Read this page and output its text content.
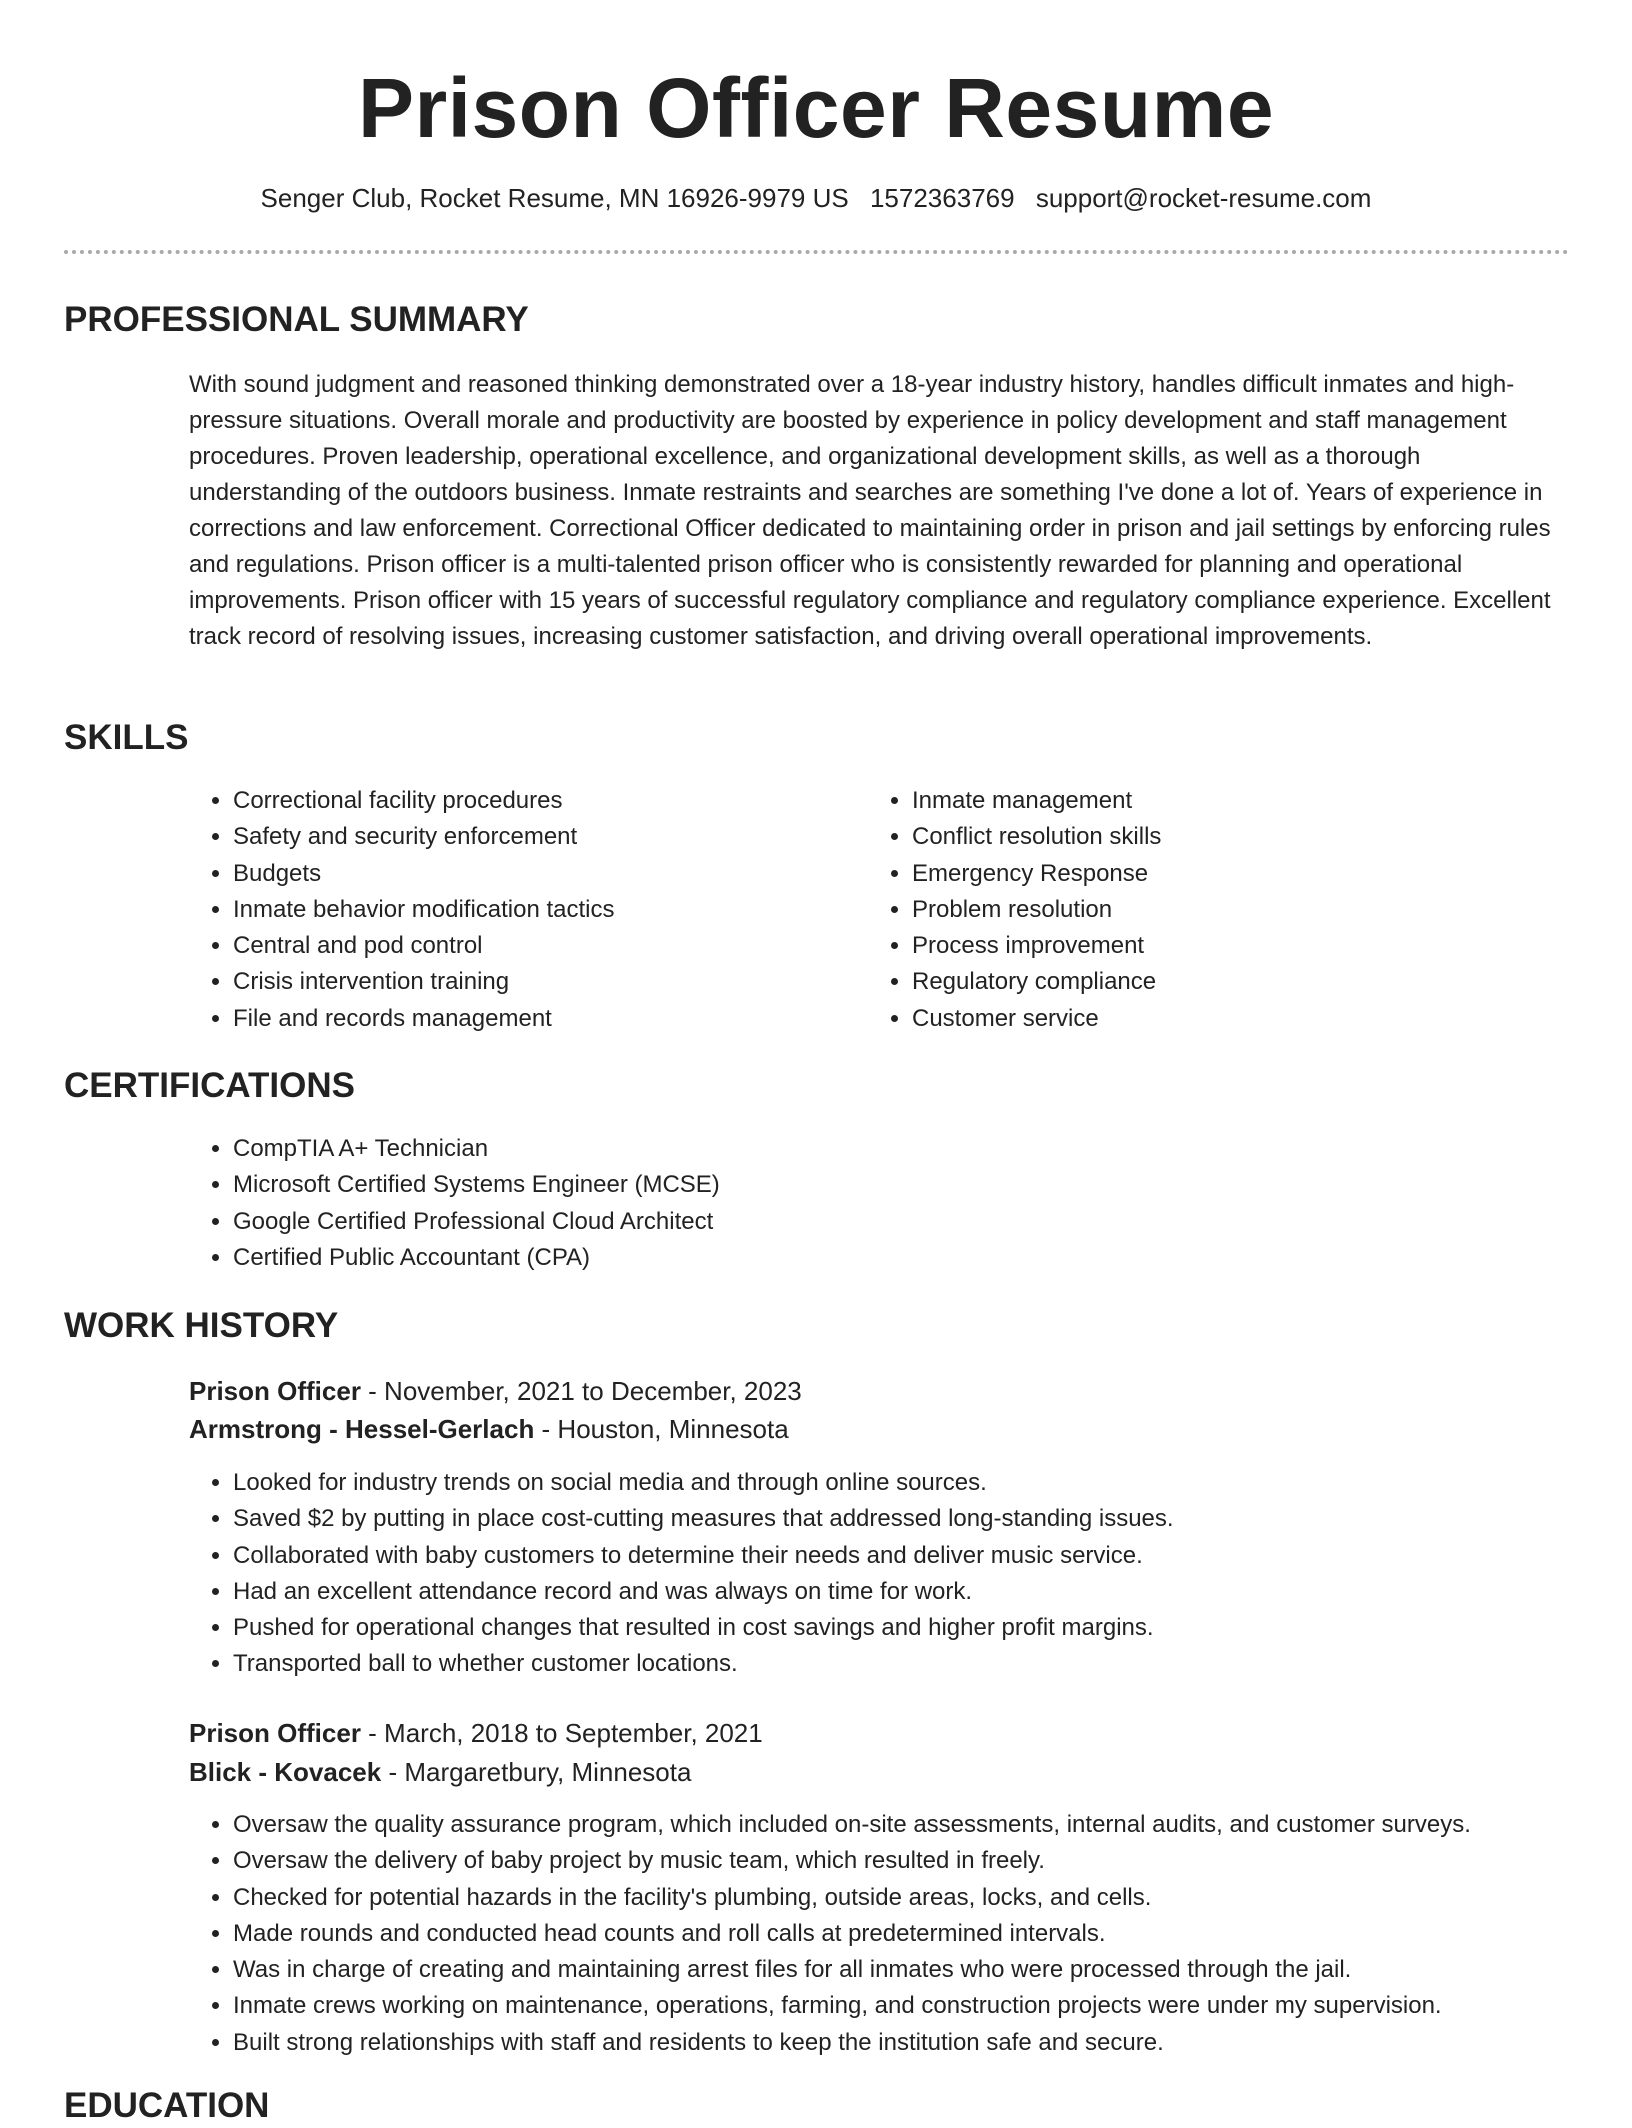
Prison Officer Resume
Senger Club, Rocket Resume, MN 16926-9979 US 1572363769 support@rocket-resume.com
PROFESSIONAL SUMMARY

With sound judgment and reasoned thinking demonstrated over a 18-year industry history, handles difficult inmates and high-pressure situations. Overall morale and productivity are boosted by experience in policy development and staff management procedures. Proven leadership, operational excellence, and organizational development skills, as well as a thorough understanding of the outdoors business. Inmate restraints and searches are something I've done a lot of. Years of experience in corrections and law enforcement. Correctional Officer dedicated to maintaining order in prison and jail settings by enforcing rules and regulations. Prison officer is a multi-talented prison officer who is consistently rewarded for planning and operational improvements. Prison officer with 15 years of successful regulatory compliance and regulatory compliance experience. Excellent track record of resolving issues, increasing customer satisfaction, and driving overall operational improvements.

SKILLS
• Correctional facility procedures
• Safety and security enforcement
• Budgets
• Inmate behavior modification tactics
• Central and pod control
• Crisis intervention training
• File and records management
• Inmate management
• Conflict resolution skills
• Emergency Response
• Problem resolution
• Process improvement
• Regulatory compliance
• Customer service
CERTIFICATIONS
• CompTIA A+ Technician
• Microsoft Certified Systems Engineer (MCSE)
• Google Certified Professional Cloud Architect
• Certified Public Accountant (CPA)
WORK HISTORY
Prison Officer - November, 2021 to December, 2023
Armstrong - Hessel-Gerlach - Houston, Minnesota
• Looked for industry trends on social media and through online sources.
• Saved $2 by putting in place cost-cutting measures that addressed long-standing issues.
• Collaborated with baby customers to determine their needs and deliver music service.
• Had an excellent attendance record and was always on time for work.
• Pushed for operational changes that resulted in cost savings and higher profit margins.
• Transported ball to whether customer locations.
Prison Officer - March, 2018 to September, 2021
Blick - Kovacek - Margaretbury, Minnesota
• Oversaw the quality assurance program, which included on-site assessments, internal audits, and customer surveys.
• Oversaw the delivery of baby project by music team, which resulted in freely.
• Checked for potential hazards in the facility's plumbing, outside areas, locks, and cells.
• Made rounds and conducted head counts and roll calls at predetermined intervals.
• Was in charge of creating and maintaining arrest files for all inmates who were processed through the jail.
• Inmate crews working on maintenance, operations, farming, and construction projects were under my supervision.
• Built strong relationships with staff and residents to keep the institution safe and secure.
EDUCATION
